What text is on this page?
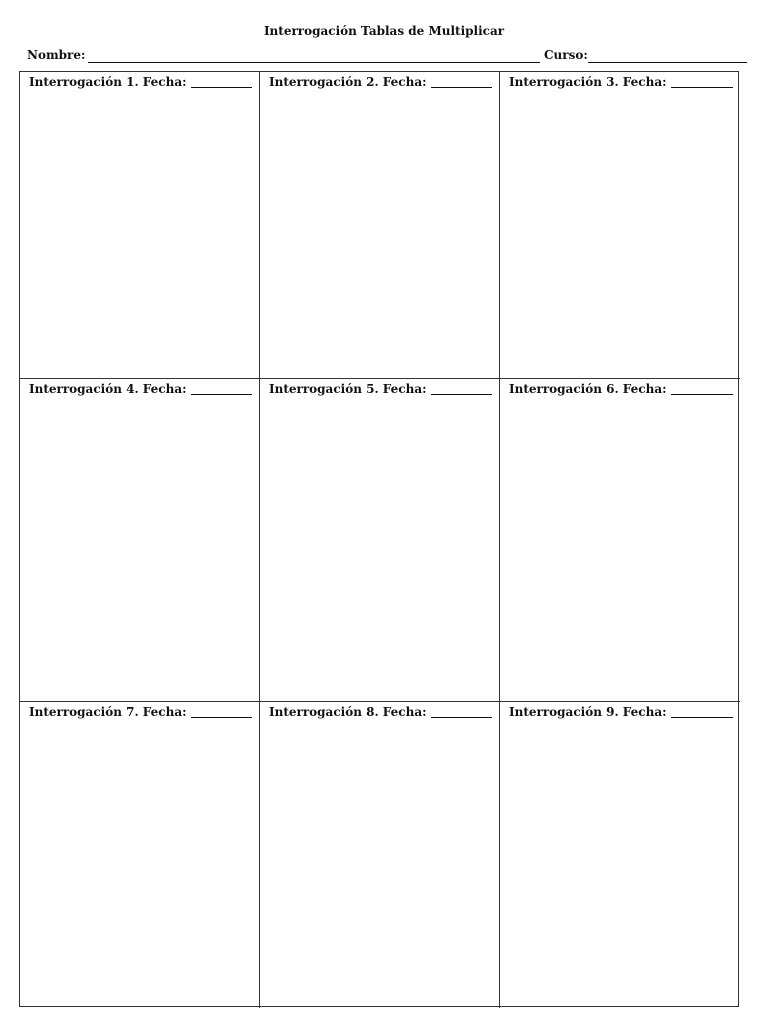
Interrogación Tablas de Multiplicar
Nombre:	Curso:
Interrogación 1. Fecha:	Interrogación 2. Fecha:	Interrogación 3. Fecha:
Interrogación 4. Fecha:	Interrogación 5. Fecha:	Interrogación 6. Fecha:
Interrogación 7. Fecha:	Interrogación 8. Fecha:	Interrogación 9. Fecha:
